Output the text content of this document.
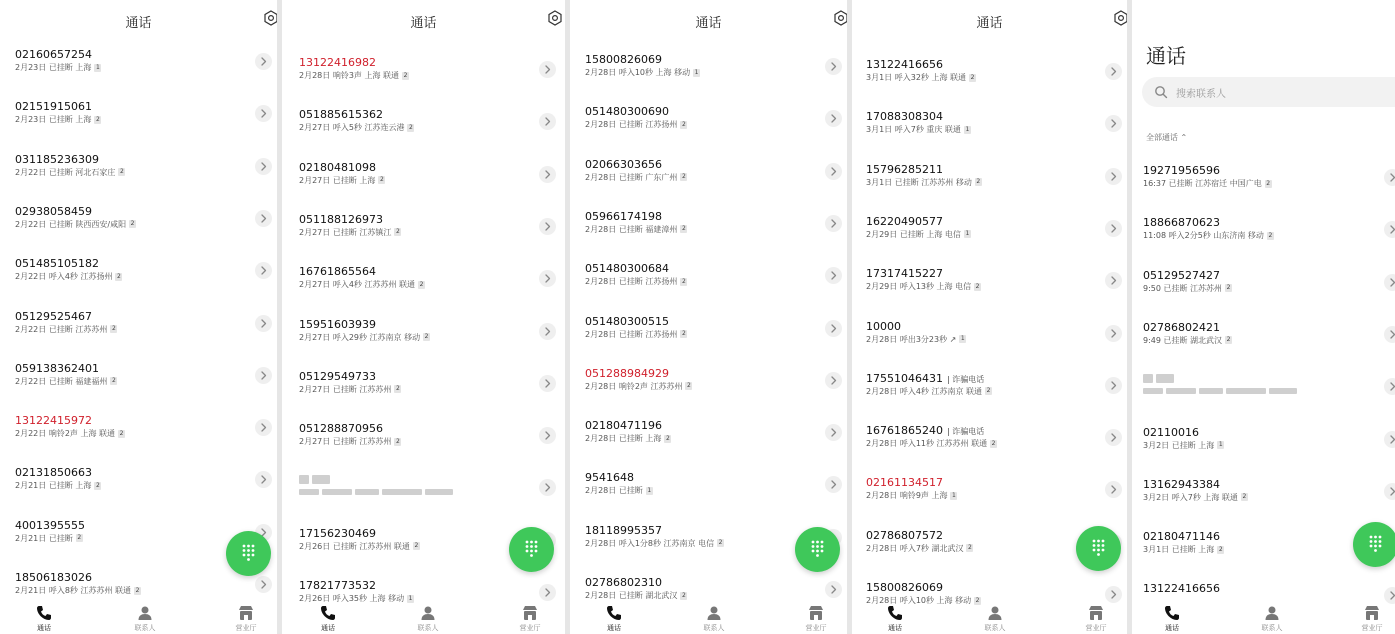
通话
02160657254
2月23日 已挂断 上海 1
02151915061
2月23日 已挂断 上海 2
031185236309
2月22日 已挂断 河北石家庄 2
02938058459
2月22日 已挂断 陕西西安/咸阳 2
051485105182
2月22日 呼入4秒 江苏扬州 2
05129525467
2月22日 已挂断 江苏苏州 2
059138362401
2月22日 已挂断 福建福州 2
13122415972
2月22日 响铃2声 上海 联通 2
02131850663
2月21日 已挂断 上海 2
4001395555
2月21日 已挂断 2
18506183026
2月21日 呼入8秒 江苏苏州 联通 2
通话	联系人	营业厅
通话
13122416982
2月28日 响铃3声 上海 联通 2
051885615362
2月27日 呼入5秒 江苏连云港 2
02180481098
2月27日 已挂断 上海 2
051188126973
2月27日 已挂断 江苏镇江 2
16761865564
2月27日 呼入4秒 江苏苏州 联通 2
15951603939
2月27日 呼入29秒 江苏南京 移动 2
05129549733
2月27日 已挂断 江苏苏州 2
051288870956
2月27日 已挂断 江苏苏州 2
17156230469
2月26日 已挂断 江苏苏州 联通 2
17821773532
2月26日 呼入35秒 上海 移动 1
通话	联系人	营业厅
通话
15800826069
2月28日 呼入10秒 上海 移动 1
051480300690
2月28日 已挂断 江苏扬州 2
02066303656
2月28日 已挂断 广东广州 2
05966174198
2月28日 已挂断 福建漳州 2
051480300684
2月28日 已挂断 江苏扬州 2
051480300515
2月28日 已挂断 江苏扬州 2
051288984929
2月28日 响铃2声 江苏苏州 2
02180471196
2月28日 已挂断 上海 2
9541648
2月28日 已挂断 1
18118995357
2月28日 呼入1分8秒 江苏南京 电信 2
02786802310
2月28日 已挂断 湖北武汉 2
通话	联系人	营业厅
通话
13122416656
3月1日 呼入32秒 上海 联通 2
17088308304
3月1日 呼入7秒 重庆 联通 1
15796285211
3月1日 已挂断 江苏苏州 移动 2
16220490577
2月29日 已挂断 上海 电信 1
17317415227
2月29日 呼入13秒 上海 电信 2
10000
2月28日 呼出3分23秒 ↗ 1
17551046431 | 诈骗电话
2月28日 呼入4秒 江苏南京 联通 2
16761865240 | 诈骗电话
2月28日 呼入11秒 江苏苏州 联通 2
02161134517
2月28日 响铃9声 上海 1
02786807572
2月28日 呼入7秒 湖北武汉 2
15800826069
2月28日 呼入10秒 上海 移动 2
通话	联系人	营业厅
通话
搜索联系人
全部通话 ⌃
19271956596
16:37 已挂断 江苏宿迁 中国广电 2
18866870623
11:08 呼入2分5秒 山东济南 移动 2
05129527427
9:50 已挂断 江苏苏州 2
02786802421
9:49 已挂断 湖北武汉 2
02110016
3月2日 已挂断 上海 1
13162943384
3月2日 呼入7秒 上海 联通 2
02180471146
3月1日 已挂断 上海 2
13122416656
通话	联系人	营业厅
